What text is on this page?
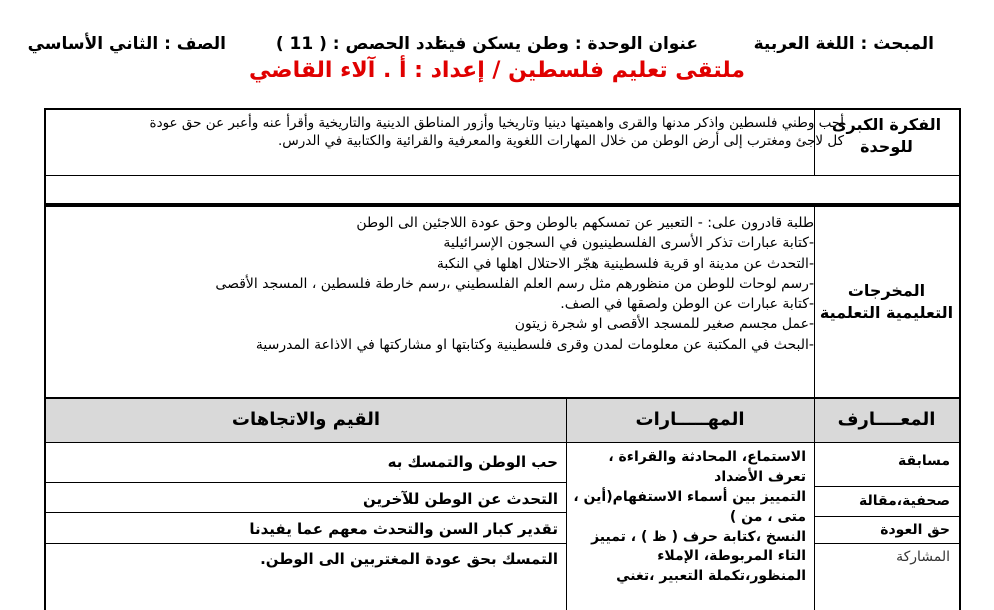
المبحث : اللغة العربية
عنوان الوحدة : وطن يسكن فينا
عدد الحصص : ( 11 )
الصف : الثاني الأساسي
ملتقى تعليم فلسطين / إعداد : أ . آلاء القاضي
الفكرة الكبرى
للوحدة
أحب وطني فلسطين واذكر مدنها والقرى واهميتها دينيا وتاريخيا وأزور المناطق الدينية والتاريخية وأقرأ عنه وأعبر عن حق عودة
كل لاجئ ومغترب إلى أرض الوطن من خلال المهارات اللغوية والمعرفية والقرائية والكتابية في الدرس.
المخرجات
التعليمية التعلمية
طلبة قادرون على: - التعبير عن تمسكهم بالوطن وحق عودة اللاجئين الى الوطن
-كتابة عبارات تذكر الأسرى الفلسطينيون في السجون الإسرائيلية
-التحدث عن مدينة او قرية فلسطينية هجّر الاحتلال اهلها في النكبة
-رسم لوحات للوطن من منظورهم مثل رسم العلم الفلسطيني ،رسم خارطة فلسطين ، المسجد الأقصى
-كتابة عبارات عن الوطن ولصقها في الصف.
-عمل مجسم صغير للمسجد الأقصى او شجرة زيتون
-البحث في المكتبة عن معلومات لمدن وقرى فلسطينية وكتابتها او مشاركتها في الاذاعة المدرسية
المعــــارف
المهـــــارات
القيم والاتجاهات
مسابقة
صحفية،مقالة
حق العودة
المشاركة
الاستماع، المحادثة والقراءة ،
تعرف الأضداد
التمييز بين أسماء الاستفهام(أين ،
متى ، من )
النسخ ،كتابة حرف ( ظ ) ، تمييز
التاء المربوطة، الإملاء
المنظور،تكملة التعبير ،تغني
حب الوطن والتمسك به
التحدث عن الوطن للآخرين
تقدير كبار السن والتحدث معهم عما يفيدنا
التمسك بحق عودة المغتربين الى الوطن.
